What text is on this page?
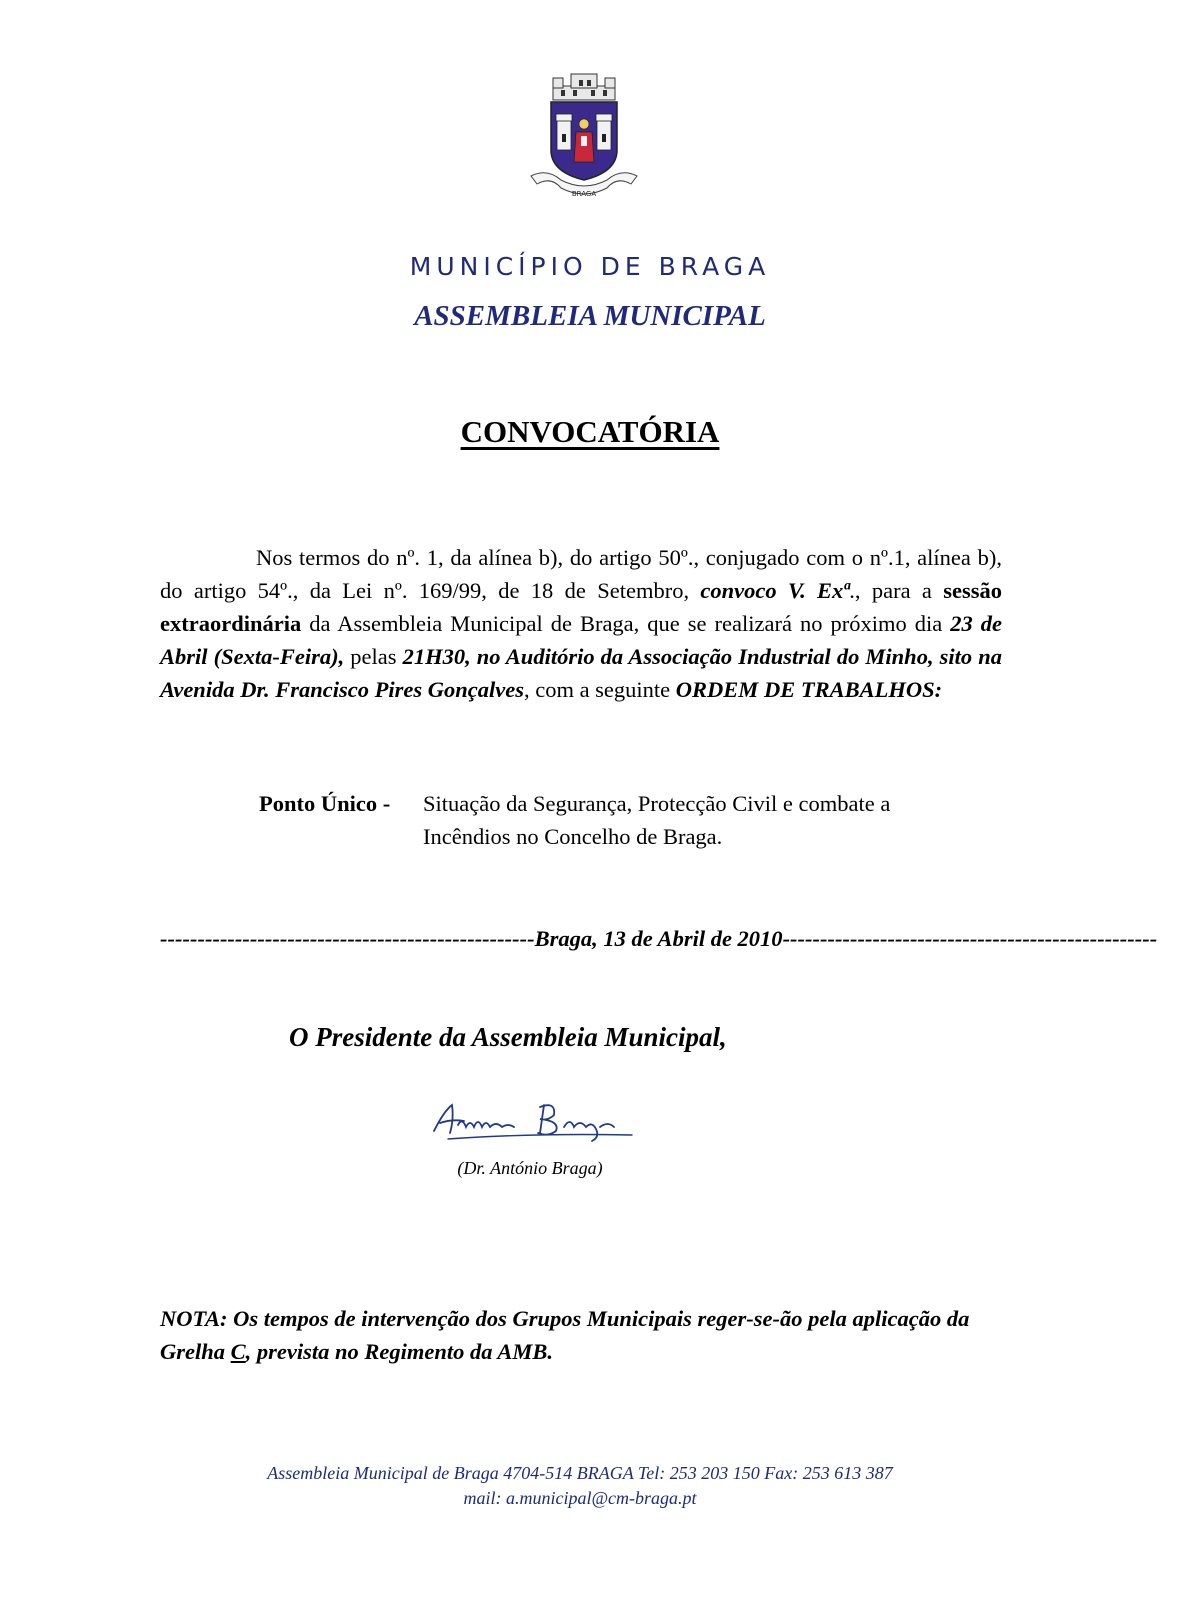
BRAGA
MUNICÍPIO DE BRAGA
ASSEMBLEIA MUNICIPAL
CONVOCATÓRIA
Nos termos do nº. 1, da alínea b), do artigo 50º., conjugado com o nº.1, alínea b), do artigo 54º., da Lei nº. 169/99, de 18 de Setembro, convoco V. Exª., para a sessão extraordinária da Assembleia Municipal de Braga, que se realizará no próximo dia 23 de Abril (Sexta-Feira), pelas 21H30, no Auditório da Associação Industrial do Minho, sito na Avenida Dr. Francisco Pires Gonçalves, com a seguinte ORDEM DE TRABALHOS:
Ponto Único - Situação da Segurança, Protecção Civil e combate a Incêndios no Concelho de Braga.
-------------------------------------------------- Braga, 13 de Abril de 2010 --------------------------------------------------
O Presidente da Assembleia Municipal,
(Dr. António Braga)
NOTA: Os tempos de intervenção dos Grupos Municipais reger-se-ão pela aplicação da Grelha C, prevista no Regimento da AMB.
Assembleia Municipal de Braga 4704-514 BRAGA Tel: 253 203 150 Fax: 253 613 387
mail: a.municipal@cm-braga.pt
